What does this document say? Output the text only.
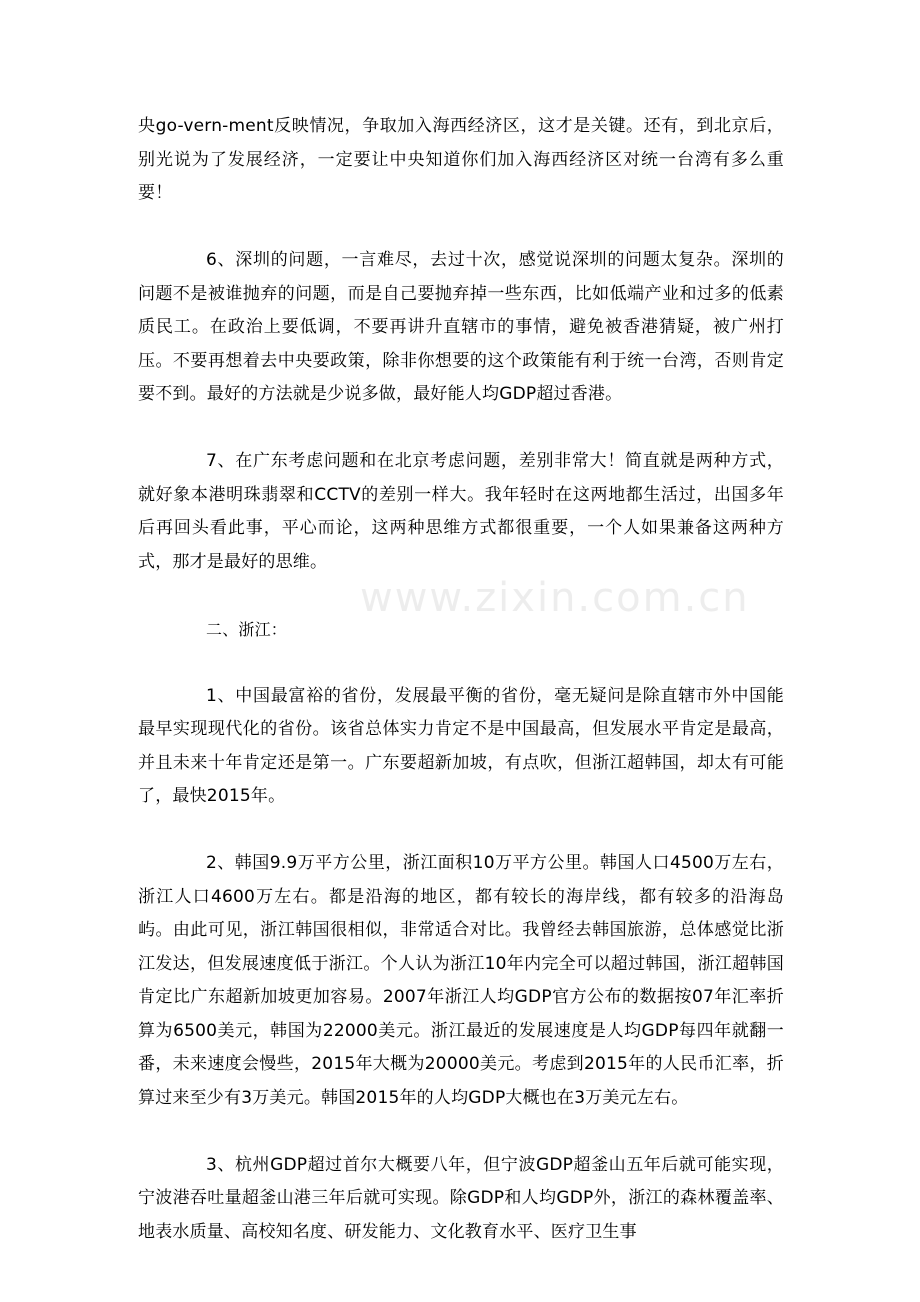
www.zixin.com.cn

央go-vern-ment反映情况，争取加入海西经济区，这才是关键。还有，到北京后，别光说为了发展经济，一定要让中央知道你们加入海西经济区对统一台湾有多么重要！

6、深圳的问题，一言难尽，去过十次，感觉说深圳的问题太复杂。深圳的问题不是被谁抛弃的问题，而是自己要抛弃掉一些东西，比如低端产业和过多的低素质民工。在政治上要低调，不要再讲升直辖市的事情，避免被香港猜疑，被广州打压。不要再想着去中央要政策，除非你想要的这个政策能有利于统一台湾，否则肯定要不到。最好的方法就是少说多做，最好能人均GDP超过香港。

7、在广东考虑问题和在北京考虑问题，差别非常大！简直就是两种方式，就好象本港明珠翡翠和CCTV的差别一样大。我年轻时在这两地都生活过，出国多年后再回头看此事，平心而论，这两种思维方式都很重要，一个人如果兼备这两种方式，那才是最好的思维。

二、浙江：

1、中国最富裕的省份，发展最平衡的省份，毫无疑问是除直辖市外中国能最早实现现代化的省份。该省总体实力肯定不是中国最高，但发展水平肯定是最高，并且未来十年肯定还是第一。广东要超新加坡，有点吹，但浙江超韩国，却太有可能了，最快2015年。

2、韩国9.9万平方公里，浙江面积10万平方公里。韩国人口4500万左右，浙江人口4600万左右。都是沿海的地区，都有较长的海岸线，都有较多的沿海岛屿。由此可见，浙江韩国很相似，非常适合对比。我曾经去韩国旅游，总体感觉比浙江发达，但发展速度低于浙江。个人认为浙江10年内完全可以超过韩国，浙江超韩国肯定比广东超新加坡更加容易。2007年浙江人均GDP官方公布的数据按07年汇率折算为6500美元，韩国为22000美元。浙江最近的发展速度是人均GDP每四年就翻一番，未来速度会慢些，2015年大概为20000美元。考虑到2015年的人民币汇率，折算过来至少有3万美元。韩国2015年的人均GDP大概也在3万美元左右。

3、杭州GDP超过首尔大概要八年，但宁波GDP超釜山五年后就可能实现，宁波港吞吐量超釜山港三年后就可实现。除GDP和人均GDP外，浙江的森林覆盖率、地表水质量、高校知名度、研发能力、文化教育水平、医疗卫生事
